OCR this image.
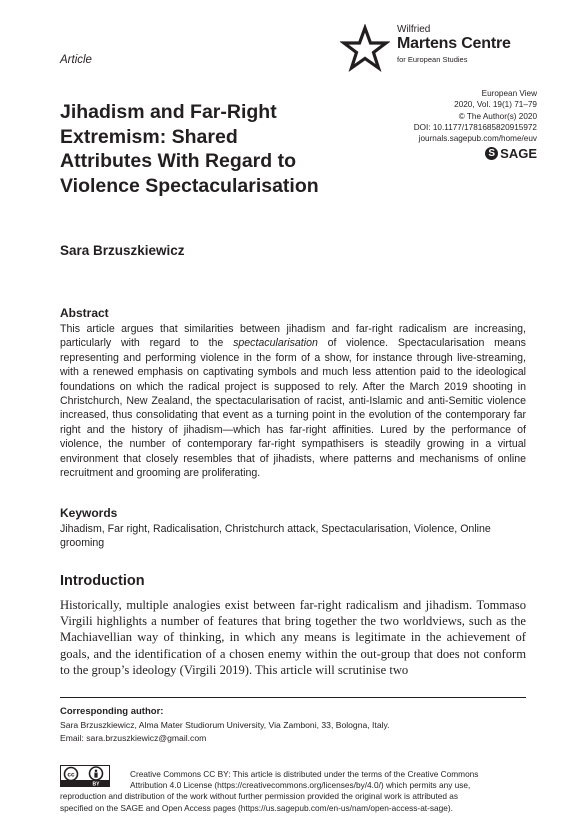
Article
Wilfried
Martens Centre
for European Studies
European View
2020, Vol. 19(1) 71–79
© The Author(s) 2020
DOI: 10.1177/1781685820915972
journals.sagepub.com/home/euv
S SAGE
Jihadism and Far-Right
Extremism: Shared
Attributes With Regard to
Violence Spectacularisation
Sara Brzuszkiewicz
Abstract
This article argues that similarities between jihadism and far-right radicalism are increasing, particularly with regard to the spectacularisation of violence. Spectacularisation means representing and performing violence in the form of a show, for instance through live-streaming, with a renewed emphasis on captivating symbols and much less attention paid to the ideological foundations on which the radical project is supposed to rely. After the March 2019 shooting in Christchurch, New Zealand, the spectacularisation of racist, anti-Islamic and anti-Semitic violence increased, thus consolidating that event as a turning point in the evolution of the contemporary far right and the history of jihadism—which has far-right affinities. Lured by the performance of violence, the number of contemporary far-right sympathisers is steadily growing in a virtual environment that closely resembles that of jihadists, where patterns and mechanisms of online recruitment and grooming are proliferating.
Keywords
Jihadism, Far right, Radicalisation, Christchurch attack, Spectacularisation, Violence, Online grooming
Introduction
Historically, multiple analogies exist between far-right radicalism and jihadism. Tommaso Virgili highlights a number of features that bring together the two worldviews, such as the Machiavellian way of thinking, in which any means is legitimate in the achievement of goals, and the identification of a chosen enemy within the out-group that does not conform to the group’s ideology (Virgili 2019). This article will scrutinise two
Corresponding author:
Sara Brzuszkiewicz, Alma Mater Studiorum University, Via Zamboni, 33, Bologna, Italy.
Email: sara.brzuszkiewicz@gmail.com
cc
BY
Creative Commons CC BY: This article is distributed under the terms of the Creative Commons
Attribution 4.0 License (https://creativecommons.org/licenses/by/4.0/) which permits any use,
reproduction and distribution of the work without further permission provided the original work is attributed as
specified on the SAGE and Open Access pages (https://us.sagepub.com/en-us/nam/open-access-at-sage).
